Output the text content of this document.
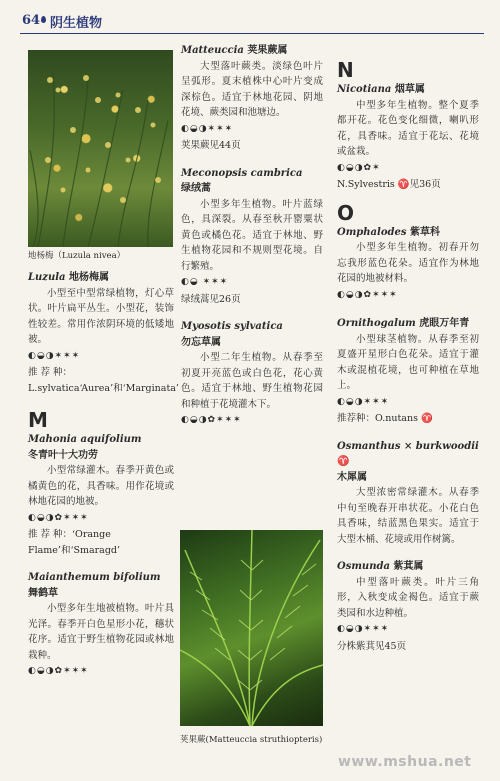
64 阴生植物
地杨梅（Luzula nivea）
Luzula 地杨梅属
小型至中型常绿植物，灯心草状。叶片扁平丛生。小型花，装饰性较差。常用作浓阴环境的低矮地被。
◐◒◑✶✶✶
推 荐 种：L.sylvatica‘Aurea’和‘Marginata’
M
Mahonia aquifolium
冬青叶十大功劳
小型常绿灌木。春季开黄色或橘黄色的花，具香味。用作花境或林地花园的地被。
◐◒◑✿✶✶✶
推 荐 种：‘Orange Flame’和‘Smaragd’
Maianthemum bifolium
舞鹤草
小型多年生地被植物。叶片具光泽。春季开白色星形小花，穗状花序。适宜于野生植物花园或林地栽种。
◐◒◑✿✶✶✶
Matteuccia 荚果蕨属
大型落叶蕨类。淡绿色叶片呈弧形。夏末植株中心叶片变成深棕色。适宜于林地花园、阴地花境、蕨类园和池塘边。
◐◒◑✶✶✶
荚果蕨见44页
Meconopsis cambrica
绿绒蒿
小型多年生植物。叶片蓝绿色，具深裂。从春至秋开罂粟状黄色或橘色花。适宜于林地、野生植物花园和不规则型花境。自行繁殖。
◐◒ ✶✶✶
绿绒蒿见26页
Myosotis sylvatica
勿忘草属
小型二年生植物。从春季至初夏开亮蓝色或白色花，花心黄色。适宜于林地、野生植物花园和种植于花境灌木下。
◐◒◑✿✶✶✶
荚果蕨(Matteuccia struthiopteris)
N
Nicotiana 烟草属
中型多年生植物。整个夏季都开花。花色变化细微，喇叭形花，具香味。适宜于花坛、花境或盆栽。
◐◒◑✿✶
N.Sylvestris ♈见36页
O
Omphalodes 紫草科
小型多年生植物。初春开勿忘我形蓝色花朵。适宜作为林地花园的地被材料。
◐◒◑✿✶✶✶
Ornithogalum 虎眼万年青
小型球茎植物。从春季至初夏盛开星形白色花朵。适宜于灌木或混植花境，也可种植在草地上。
◐◒◑✶✶✶
推荐种：O.nutans ♈
Osmanthus × burkwoodii ♈
木犀属
大型浓密常绿灌木。从春季中旬至晚春开串状花。小花白色具香味，结蓝黑色果实。适宜于大型木桶、花境或用作树篱。
Osmunda 紫萁属
中型落叶蕨类。叶片三角形，入秋变成金褐色。适宜于蕨类园和水边种植。
◐◒◑✶✶✶
分株紫萁见45页
www.mshua.net
